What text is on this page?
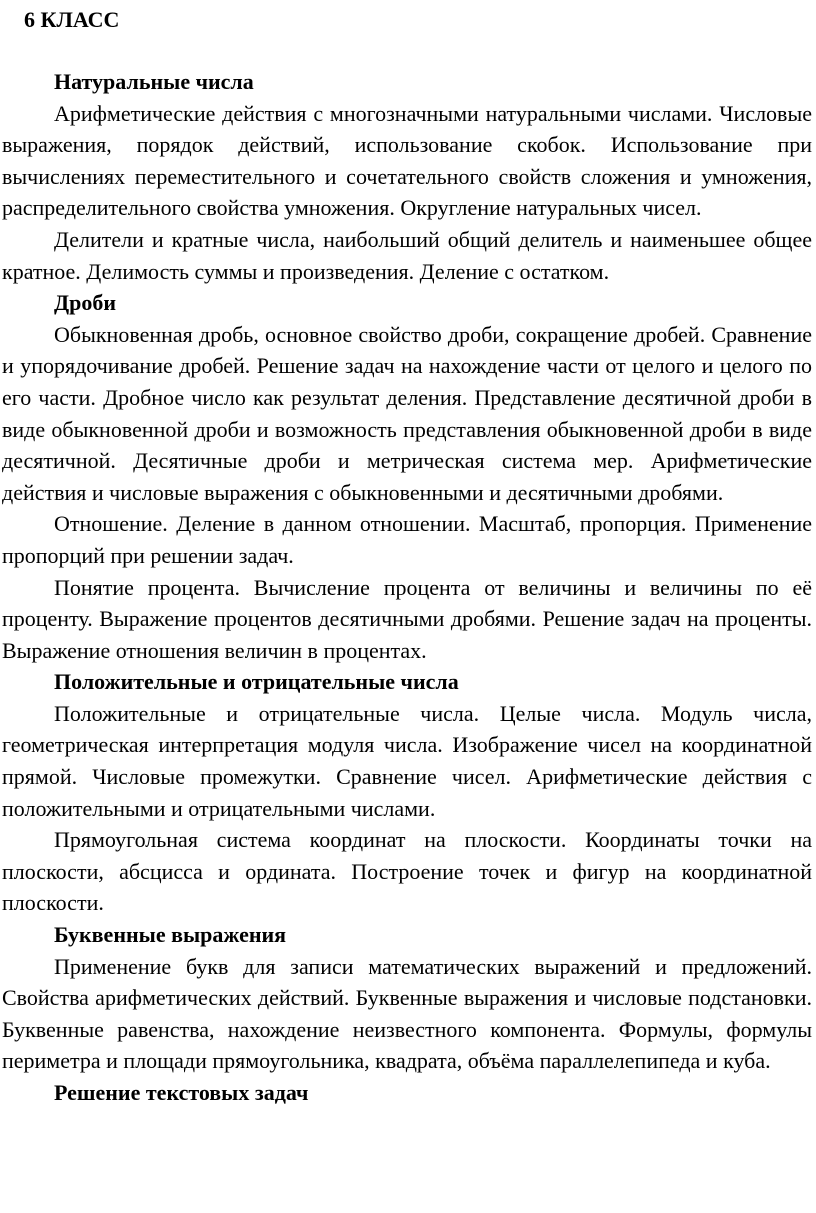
6 КЛАСС

Натуральные числа

Арифметические действия с многозначными натуральными числами. Числовые выражения, порядок действий, использование скобок. Использование при вычислениях переместительного и сочетательного свойств сложения и умножения, распределительного свойства умножения. Округление натуральных чисел.

Делители и кратные числа, наибольший общий делитель и наименьшее общее кратное. Делимость суммы и произведения. Деление с остатком.

Дроби

Обыкновенная дробь, основное свойство дроби, сокращение дробей. Сравнение и упорядочивание дробей. Решение задач на нахождение части от целого и целого по его части. Дробное число как результат деления. Представление десятичной дроби в виде обыкновенной дроби и возможность представления обыкновенной дроби в виде десятичной. Десятичные дроби и метрическая система мер. Арифметические действия и числовые выражения с обыкновенными и десятичными дробями.

Отношение. Деление в данном отношении. Масштаб, пропорция. Применение пропорций при решении задач.

Понятие процента. Вычисление процента от величины и величины по её проценту. Выражение процентов десятичными дробями. Решение задач на проценты. Выражение отношения величин в процентах.

Положительные и отрицательные числа

Положительные и отрицательные числа. Целые числа. Модуль числа, геометрическая интерпретация модуля числа. Изображение чисел на координатной прямой. Числовые промежутки. Сравнение чисел. Арифметические действия с положительными и отрицательными числами.

Прямоугольная система координат на плоскости. Координаты точки на плоскости, абсцисса и ордината. Построение точек и фигур на координатной плоскости.

Буквенные выражения

Применение букв для записи математических выражений и предложений. Свойства арифметических действий. Буквенные выражения и числовые подстановки. Буквенные равенства, нахождение неизвестного компонента. Формулы, формулы периметра и площади прямоугольника, квадрата, объёма параллелепипеда и куба.

Решение текстовых задач
